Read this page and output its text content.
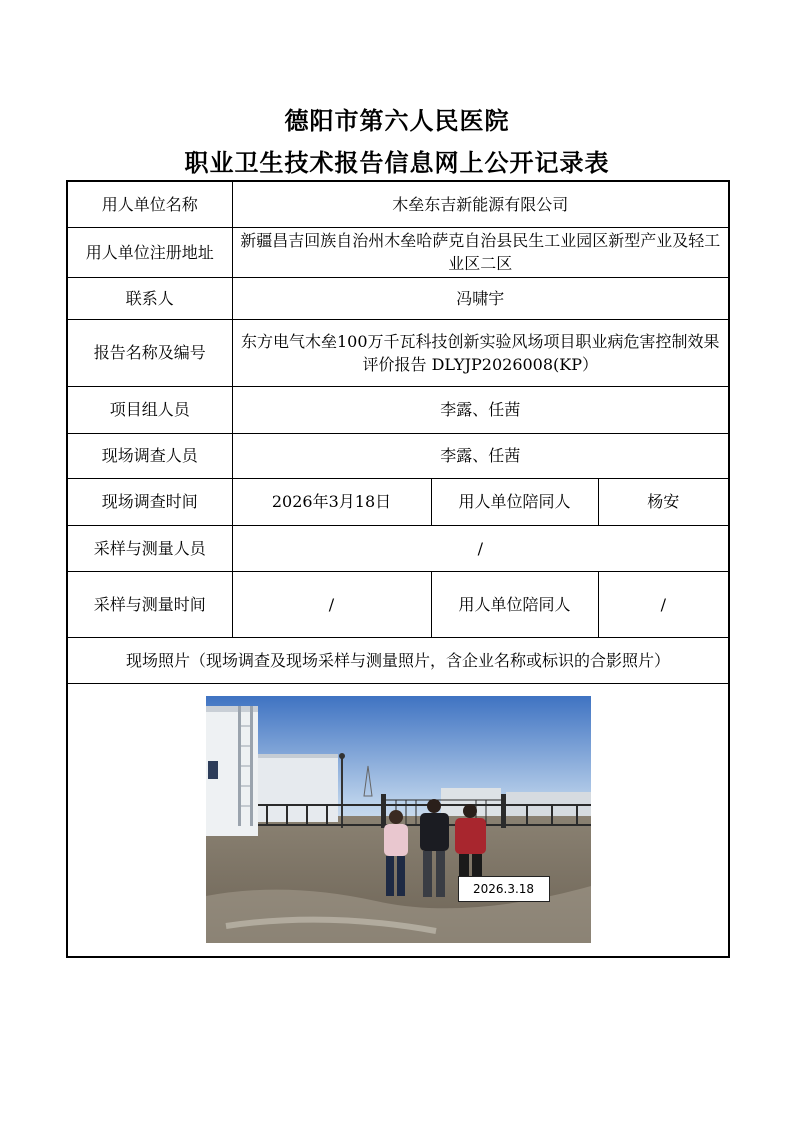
德阳市第六人民医院
职业卫生技术报告信息网上公开记录表
用人单位名称	木垒东吉新能源有限公司		
用人单位注册地址	新疆昌吉回族自治州木垒哈萨克自治县民生工业园区新型产业及轻工业区二区		
联系人	冯啸宇		
报告名称及编号	东方电气木垒100万千瓦科技创新实验风场项目职业病危害控制效果评价报告 DLYJP2026008(KP）		
项目组人员	李露、任茜		
现场调查人员	李露、任茜		
现场调查时间	2026年3月18日	用人单位陪同人	杨安
采样与测量人员	/		
采样与测量时间	/	用人单位陪同人	/
现场照片（现场调查及现场采样与测量照片，含企业名称或标识的合影照片）			

2026.3.18			
